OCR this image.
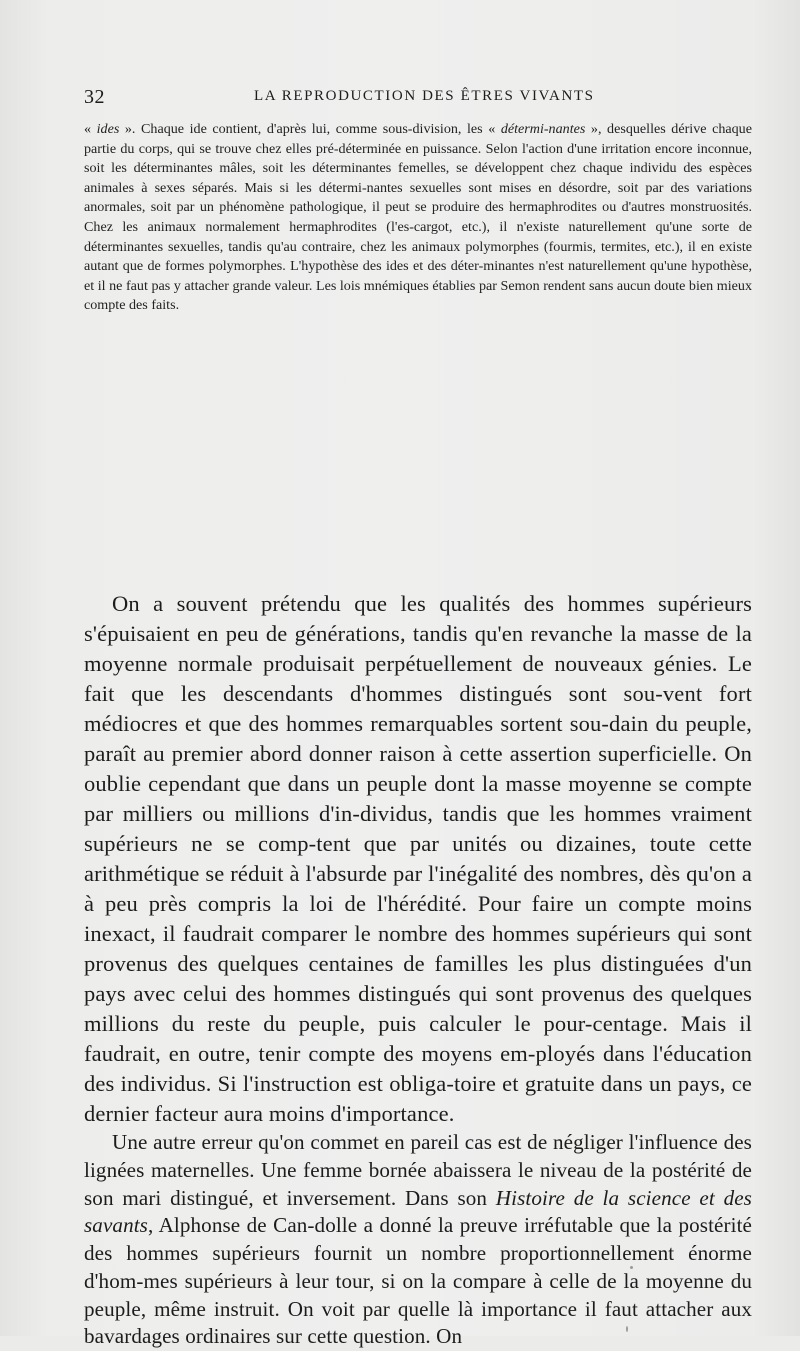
32	LA REPRODUCTION DES ÊTRES VIVANTS
« ides ». Chaque ide contient, d'après lui, comme sous-division, les « détermi-nantes », desquelles dérive chaque partie du corps, qui se trouve chez elles pré-déterminée en puissance. Selon l'action d'une irritation encore inconnue, soit les déterminantes mâles, soit les déterminantes femelles, se développent chez chaque individu des espèces animales à sexes séparés. Mais si les détermi-nantes sexuelles sont mises en désordre, soit par des variations anormales, soit par un phénomène pathologique, il peut se produire des hermaphrodites ou d'autres monstruosités. Chez les animaux normalement hermaphrodites (l'es-cargot, etc.), il n'existe naturellement qu'une sorte de déterminantes sexuelles, tandis qu'au contraire, chez les animaux polymorphes (fourmis, termites, etc.), il en existe autant que de formes polymorphes. L'hypothèse des ides et des déter-minantes n'est naturellement qu'une hypothèse, et il ne faut pas y attacher grande valeur. Les lois mnémiques établies par Semon rendent sans aucun doute bien mieux compte des faits.

On a souvent prétendu que les qualités des hommes supérieurs s'épuisaient en peu de générations, tandis qu'en revanche la masse de la moyenne normale produisait perpétuellement de nouveaux génies. Le fait que les descendants d'hommes distingués sont sou-vent fort médiocres et que des hommes remarquables sortent sou-dain du peuple, paraît au premier abord donner raison à cette assertion superficielle. On oublie cependant que dans un peuple dont la masse moyenne se compte par milliers ou millions d'in-dividus, tandis que les hommes vraiment supérieurs ne se comp-tent que par unités ou dizaines, toute cette arithmétique se réduit à l'absurde par l'inégalité des nombres, dès qu'on a à peu près compris la loi de l'hérédité. Pour faire un compte moins inexact, il faudrait comparer le nombre des hommes supérieurs qui sont provenus des quelques centaines de familles les plus distinguées d'un pays avec celui des hommes distingués qui sont provenus des quelques millions du reste du peuple, puis calculer le pour-centage. Mais il faudrait, en outre, tenir compte des moyens em-ployés dans l'éducation des individus. Si l'instruction est obliga-toire et gratuite dans un pays, ce dernier facteur aura moins d'importance.

Une autre erreur qu'on commet en pareil cas est de négliger l'influence des lignées maternelles. Une femme bornée abaissera le niveau de la postérité de son mari distingué, et inversement. Dans son Histoire de la science et des savants, Alphonse de Can-dolle a donné la preuve irréfutable que la postérité des hommes supérieurs fournit un nombre proportionnellement énorme d'hom-mes supérieurs à leur tour, si on la compare à celle de la moyenne du peuple, même instruit. On voit par quelle là importance il faut attacher aux bavardages ordinaires sur cette question. On
